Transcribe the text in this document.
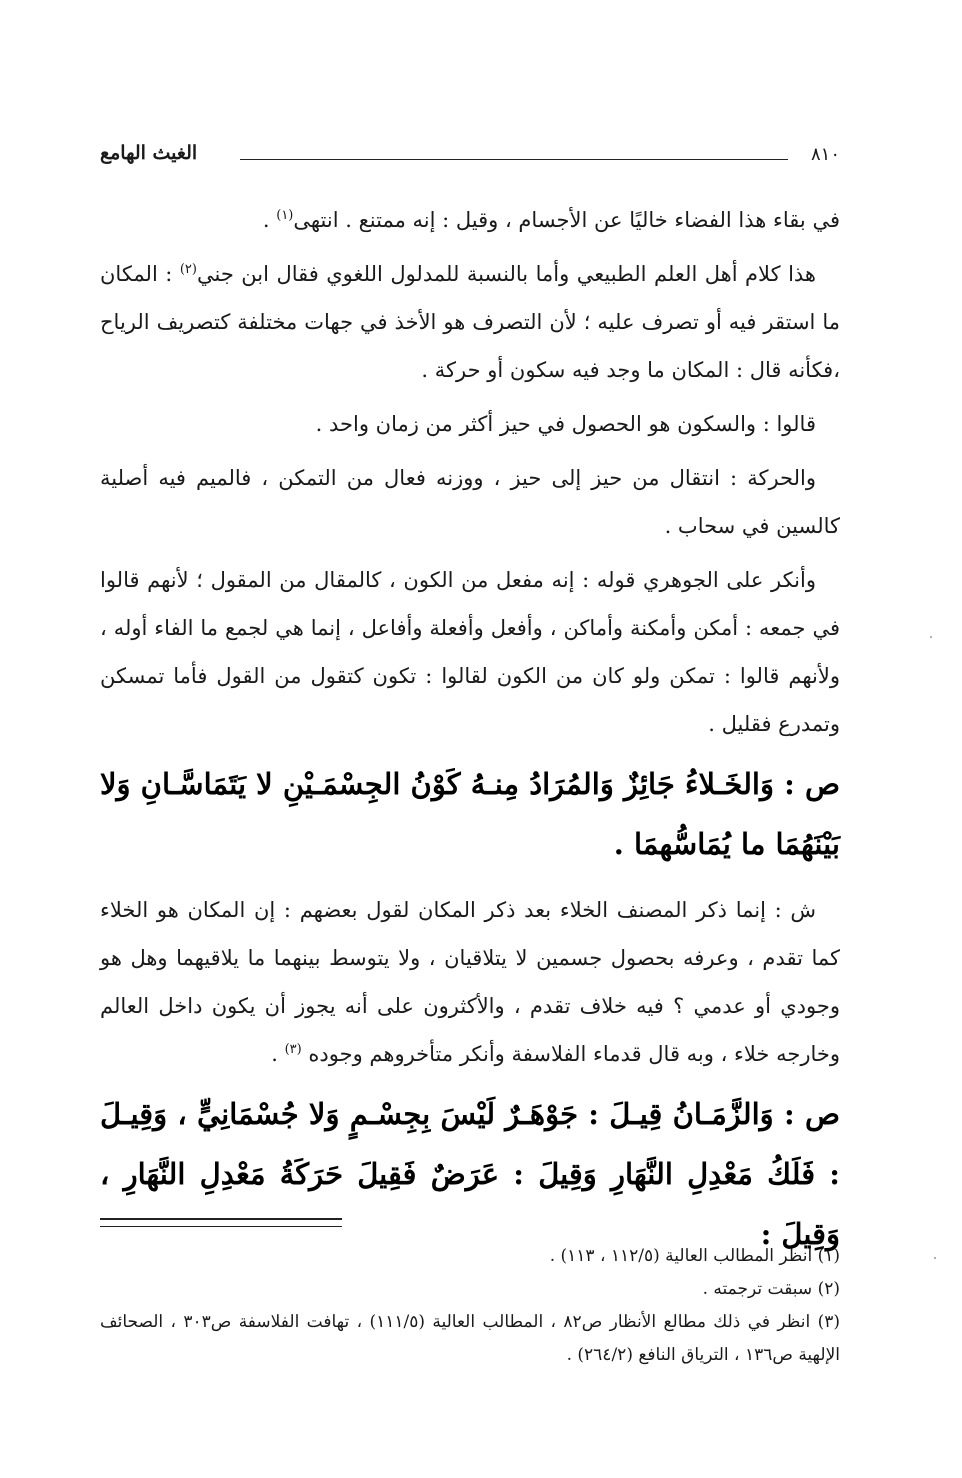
٨١٠
الغيث الهامع

في بقاء هذا الفضاء خاليًا عن الأجسام ، وقيل : إنه ممتنع . انتهى$^{(١)}$ .

هذا كلام أهل العلم الطبيعي وأما بالنسبة للمدلول اللغوي فقال ابن جني$^{(٢)}$ : المكان ما استقر فيه أو تصرف عليه ؛ لأن التصرف هو الأخذ في جهات مختلفة كتصريف الرياح ،فكأنه قال : المكان ما وجد فيه سكون أو حركة .

قالوا : والسكون هو الحصول في حيز أكثر من زمان واحد .

والحركة : انتقال من حيز إلى حيز ، ووزنه فعال من التمكن ، فالميم فيه أصلية كالسين في سحاب .

وأنكر على الجوهري قوله : إنه مفعل من الكون ، كالمقال من المقول ؛ لأنهم قالوا في جمعه : أمكن وأمكنة وأماكن ، وأفعل وأفعلة وأفاعل ، إنما هي لجمع ما الفاء أوله ، ولأنهم قالوا : تمكن ولو كان من الكون لقالوا : تكون كتقول من القول فأما تمسكن وتمدرع فقليل .

ص : وَالخَـلاءُ جَائِزٌ وَالمُرَادُ مِنـهُ كَوْنُ الجِسْمَـيْنِ لا يَتَمَاسَّـانِ وَلا بَيْنَهُمَا ما يُمَاسُّهمَا .

ش : إنما ذكر المصنف الخلاء بعد ذكر المكان لقول بعضهم : إن المكان هو الخلاء كما تقدم ، وعرفه بحصول جسمين لا يتلاقيان ، ولا يتوسط بينهما ما يلاقيهما وهل هو وجودي أو عدمي ؟ فيه خلاف تقدم ، والأكثرون على أنه يجوز أن يكون داخل العالم وخارجه خلاء ، وبه قال قدماء الفلاسفة وأنكر متأخروهم وجوده $^{(٣)}$ .

ص : وَالزَّمَـانُ قِيـلَ : جَوْهَـرٌ لَيْسَ بِجِسْـمٍ وَلا جُسْمَانِيٍّ ، وَقِيـلَ : فَلَكُ مَعْدِلِ النَّهَارِ وَقِيلَ : عَرَضٌ فَقِيلَ حَرَكَةُ مَعْدِلِ النَّهَارِ ، وَقِيلَ :

(١) انظر المطالب العالية (١١٢/٥ ، ١١٣) .

(٢) سبقت ترجمته .

(٣) انظر في ذلك مطالع الأنظار ص٨٢ ، المطالب العالية (١١١/٥) ، تهافت الفلاسفة ص٣٠٣ ، الصحائف الإلهية ص١٣٦ ، الترياق النافع (٢٦٤/٢) .
